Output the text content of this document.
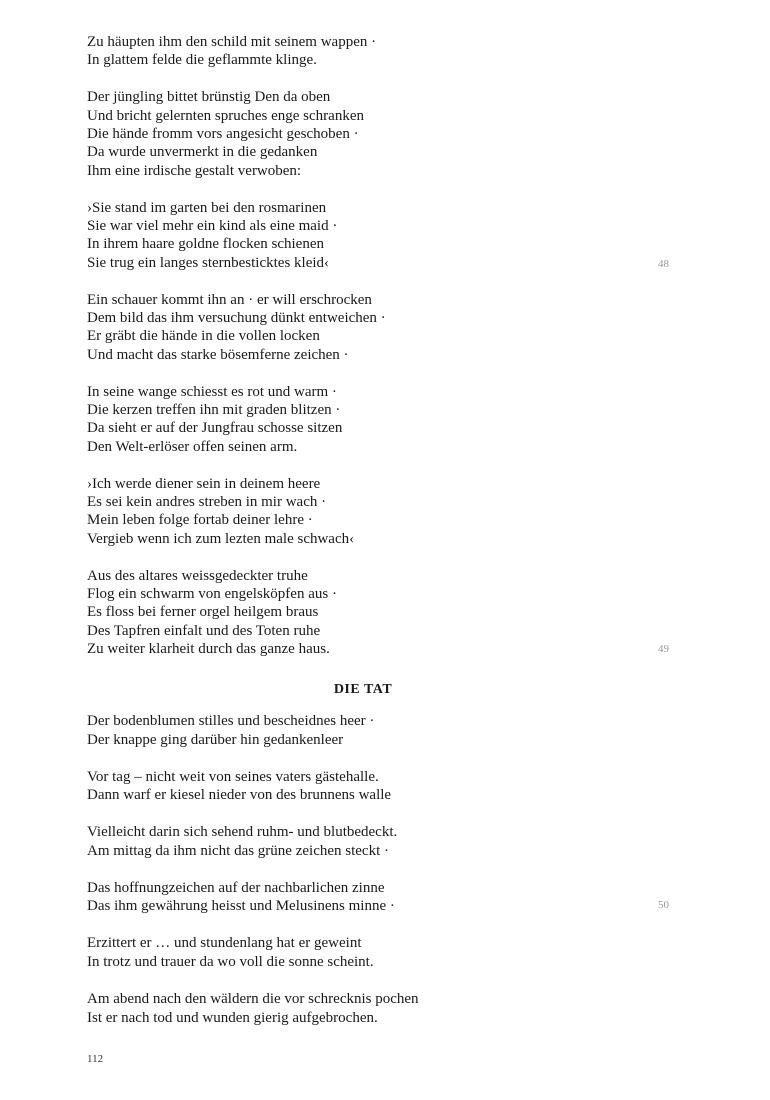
Zu häupten ihm den schild mit seinem wappen ·
In glattem felde die geflammte klinge.
Der jüngling bittet brünstig Den da oben
Und bricht gelernten spruches enge schranken
Die hände fromm vors angesicht geschoben ·
Da wurde unvermerkt in die gedanken
Ihm eine irdische gestalt verwoben:
›Sie stand im garten bei den rosmarinen
Sie war viel mehr ein kind als eine maid ·
In ihrem haare goldne flocken schienen
Sie trug ein langes sternbesticktes kleid‹
Ein schauer kommt ihn an · er will erschrocken
Dem bild das ihm versuchung dünkt entweichen ·
Er gräbt die hände in die vollen locken
Und macht das starke bösemferne zeichen ·
In seine wange schiesst es rot und warm ·
Die kerzen treffen ihn mit graden blitzen ·
Da sieht er auf der Jungfrau schosse sitzen
Den Welt-erlöser offen seinen arm.
›Ich werde diener sein in deinem heere
Es sei kein andres streben in mir wach ·
Mein leben folge fortab deiner lehre ·
Vergieb wenn ich zum lezten male schwach‹
Aus des altares weissgedeckter truhe
Flog ein schwarm von engelsköpfen aus ·
Es floss bei ferner orgel heilgem braus
Des Tapfren einfalt und des Toten ruhe
Zu weiter klarheit durch das ganze haus.
DIE TAT
Der bodenblumen stilles und bescheidnes heer ·
Der knappe ging darüber hin gedankenleer
Vor tag – nicht weit von seines vaters gästehalle.
Dann warf er kiesel nieder von des brunnens walle
Vielleicht darin sich sehend ruhm- und blutbedeckt.
Am mittag da ihm nicht das grüne zeichen steckt ·
Das hoffnungzeichen auf der nachbarlichen zinne
Das ihm gewährung heisst und Melusinens minne ·
Erzittert er … und stundenlang hat er geweint
In trotz und trauer da wo voll die sonne scheint.
Am abend nach den wäldern die vor schrecknis pochen
Ist er nach tod und wunden gierig aufgebrochen.
48
49
50
112
